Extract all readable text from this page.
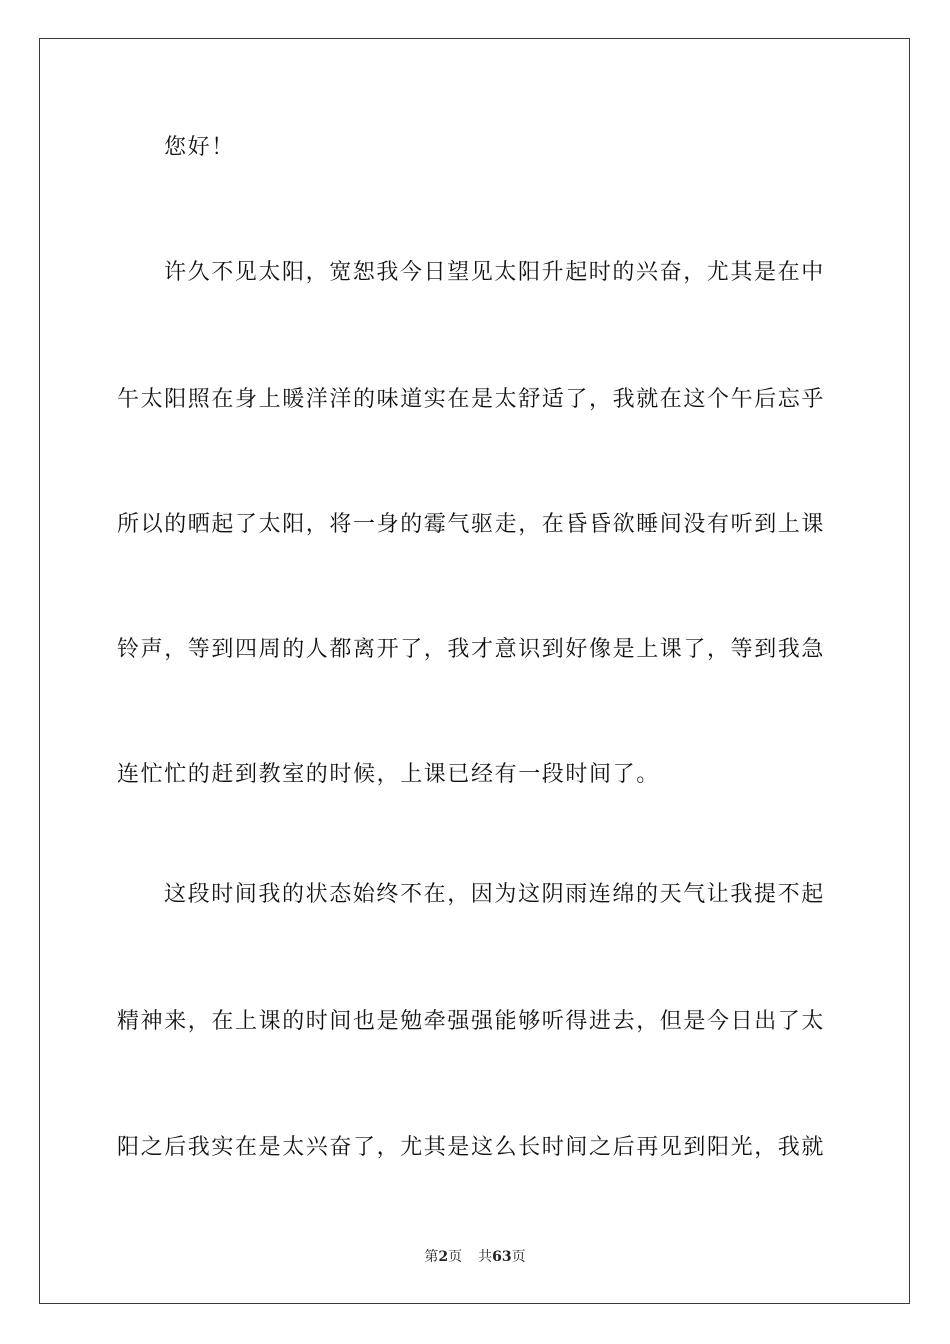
您好！
许久不见太阳，宽恕我今日望见太阳升起时的兴奋，尤其是在中
午太阳照在身上暖洋洋的味道实在是太舒适了，我就在这个午后忘乎
所以的晒起了太阳，将一身的霉气驱走，在昏昏欲睡间没有听到上课
铃声，等到四周的人都离开了，我才意识到好像是上课了，等到我急
连忙忙的赶到教室的时候，上课已经有一段时间了。
这段时间我的状态始终不在，因为这阴雨连绵的天气让我提不起
精神来，在上课的时间也是勉牵强强能够听得进去，但是今日出了太
阳之后我实在是太兴奋了，尤其是这么长时间之后再见到阳光，我就
第2页 共63页
